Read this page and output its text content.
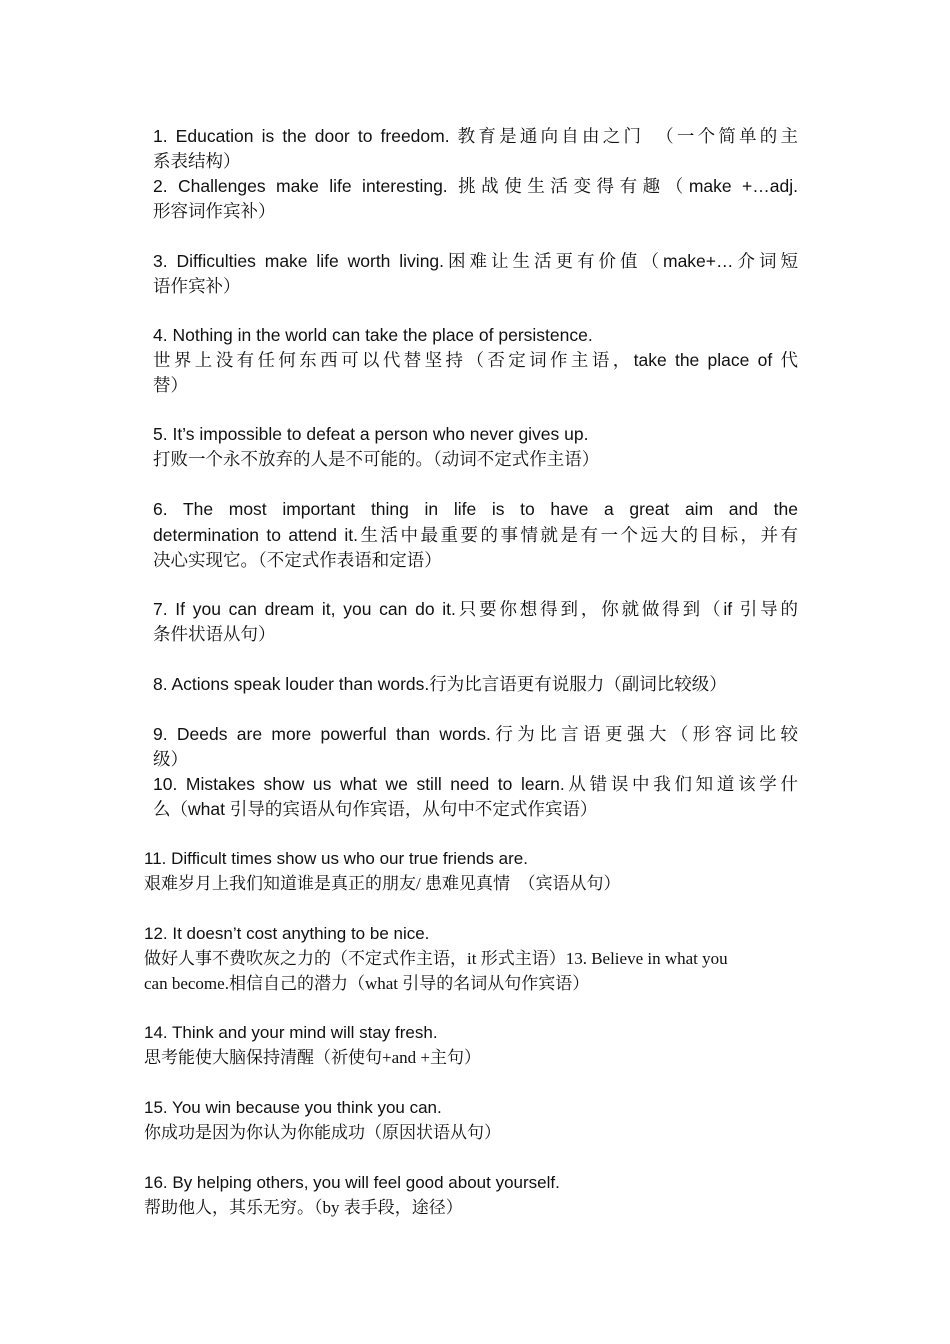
1. Education is the door to freedom. 教育是通向自由之门　（一个简单的主
系表结构）
2. Challenges make life interesting. 挑战使生活变得有趣（make +…adj.
形容词作宾补）
3. Difficulties make life worth living.困难让生活更有价值（make+…介词短
语作宾补）
4. Nothing in the world can take the place of persistence.
世界上没有任何东西可以代替坚持（否定词作主语，take the place of 代
替）
5. It’s impossible to defeat a person who never gives up.
打败一个永不放弃的人是不可能的。（动词不定式作主语）
6. The most important thing in life is to have a great aim and the
determination to attend it.生活中最重要的事情就是有一个远大的目标，并有
决心实现它。（不定式作表语和定语）
7. If you can dream it, you can do it.只要你想得到，你就做得到（if 引导的
条件状语从句）
8. Actions speak louder than words.行为比言语更有说服力（副词比较级）
9. Deeds are more powerful than words.行为比言语更强大（形容词比较
级）
10. Mistakes show us what we still need to learn.从错误中我们知道该学什
么（what 引导的宾语从句作宾语，从句中不定式作宾语）
11. Difficult times show us who our true friends are.
艰难岁月上我们知道谁是真正的朋友/ 患难见真情　（宾语从句）
12. It doesn’t cost anything to be nice.
做好人事不费吹灰之力的（不定式作主语，it 形式主语）13. Believe in what you
can become.相信自己的潜力（what 引导的名词从句作宾语）
14. Think and your mind will stay fresh.
思考能使大脑保持清醒（祈使句+and +主句）
15. You win because you think you can.
你成功是因为你认为你能成功（原因状语从句）
16. By helping others, you will feel good about yourself.
帮助他人，其乐无穷。（by 表手段，途径）
